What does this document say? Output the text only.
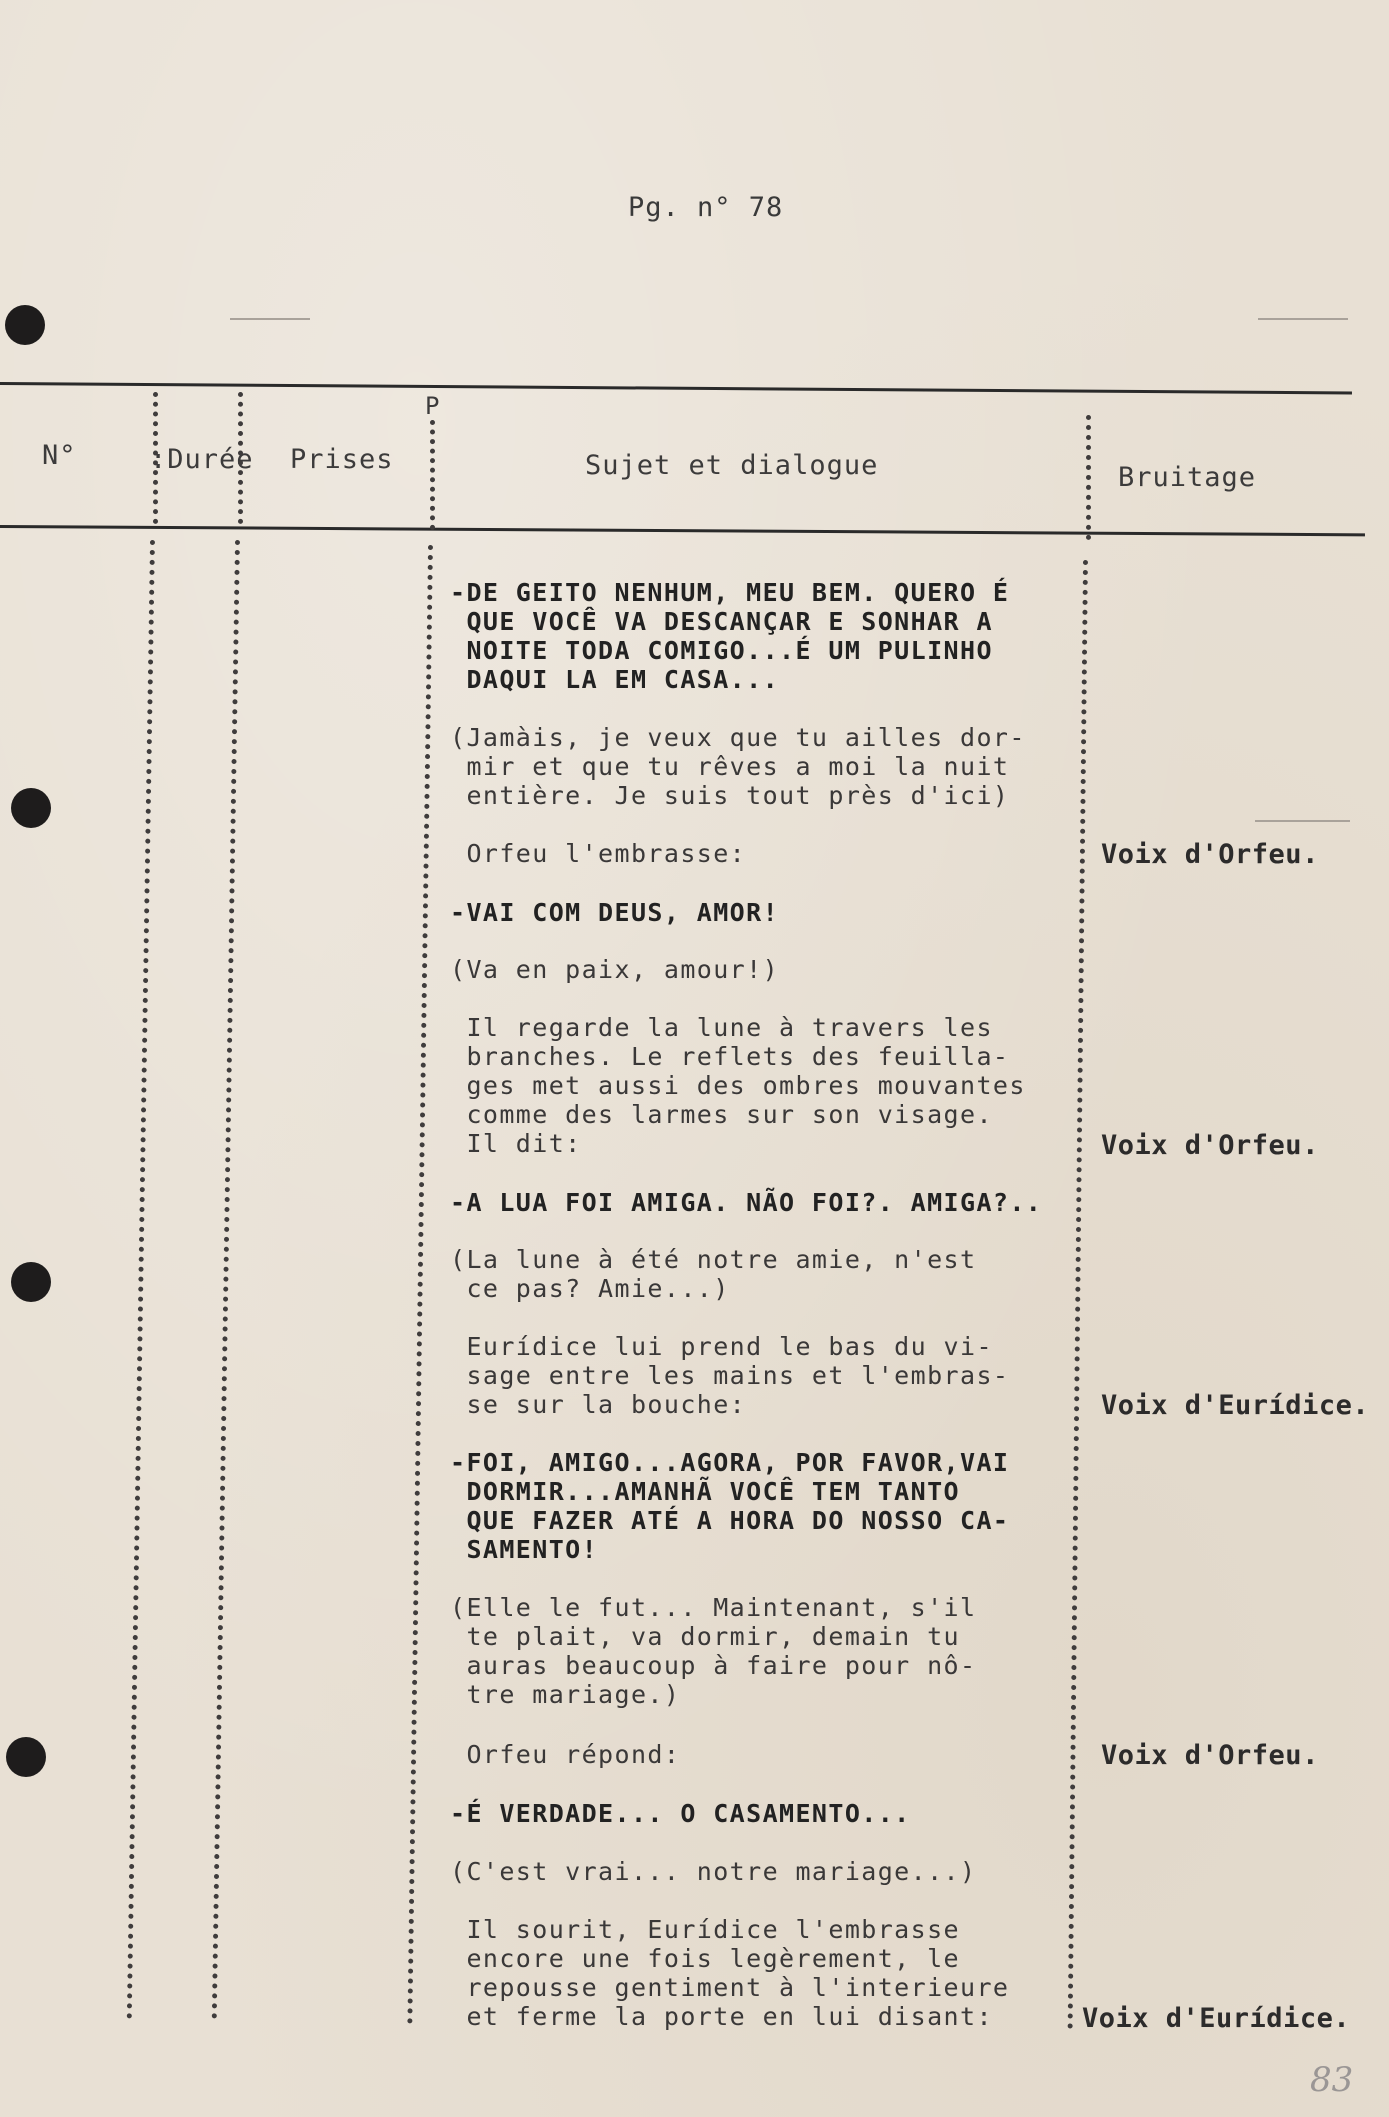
Pg. n° 78
N°	:Durée Prises
P
Sujet et dialogue	Bruitage
-DE GEITO NENHUM, MEU BEM. QUERO É
QUE VOCÊ VA DESCANÇAR E SONHAR A
NOITE TODA COMIGO...É UM PULINHO
DAQUI LA EM CASA...
(Jamàis, je veux que tu ailles dor-
mir et que tu rêves a moi la nuit
entière. Je suis tout près d'ici)
Orfeu l'embrasse:
-VAI COM DEUS, AMOR!
(Va en paix, amour!)
Il regarde la lune à travers les
branches. Le reflets des feuilla-
ges met aussi des ombres mouvantes
comme des larmes sur son visage.
Il dit:
-A LUA FOI AMIGA. NÃO FOI?. AMIGA?..
(La lune à été notre amie, n'est
ce pas? Amie...)
Eurídice lui prend le bas du vi-
sage entre les mains et l'embras-
se sur la bouche:
-FOI, AMIGO...AGORA, POR FAVOR,VAI
DORMIR...AMANHÃ VOCÊ TEM TANTO
QUE FAZER ATÉ A HORA DO NOSSO CA-
SAMENTO!
(Elle le fut... Maintenant, s'il
te plait, va dormir, demain tu
auras beaucoup à faire pour nô-
tre mariage.)
Orfeu répond:
-É VERDADE... O CASAMENTO...
(C'est vrai... notre mariage...)
Il sourit, Eurídice l'embrasse
encore une fois legèrement, le
repousse gentiment à l'interieure
et ferme la porte en lui disant:
Voix d'Orfeu.
Voix d'Orfeu.
Voix d'Eurídice.
Voix d'Orfeu.
Voix d'Eurídice.
83
